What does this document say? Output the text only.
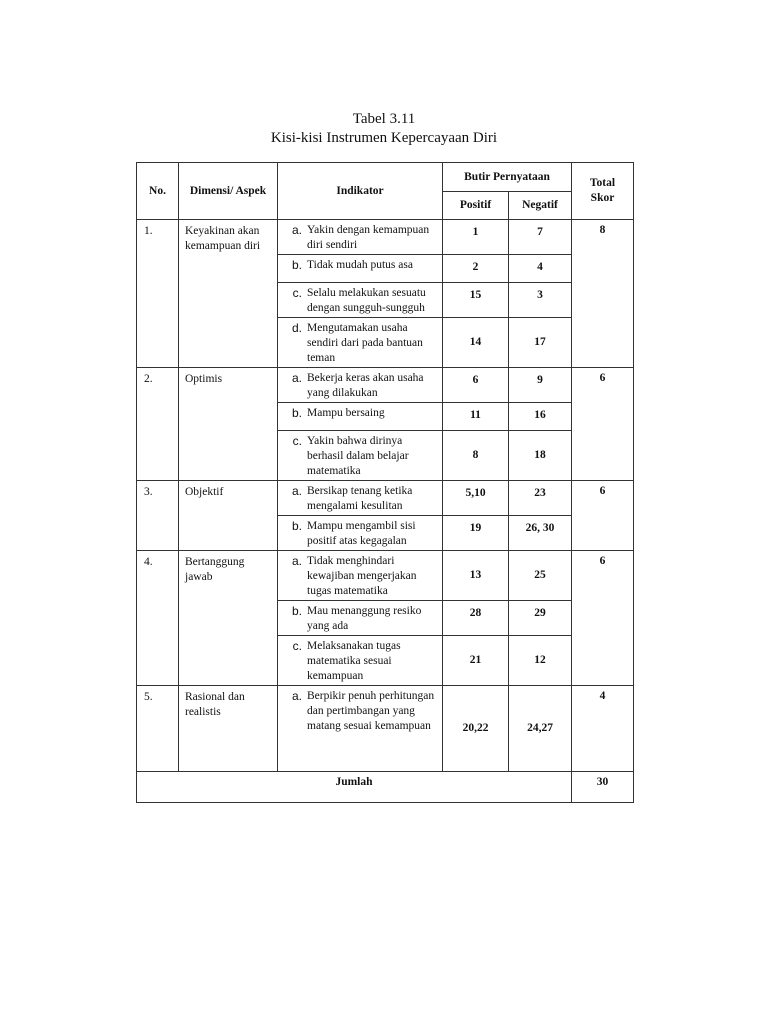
Tabel 3.11
Kisi-kisi Instrumen Kepercayaan Diri
No.	Dimensi/ Aspek	Indikator	Butir Pernyataan		Total Skor
			Positif	Negatif	
1.	Keyakinan akan kemampuan diri	a. Yakin dengan kemampuan diri sendiri	1	7	8

		b. Tidak mudah putus asa	2	4	

		c. Selalu melakukan sesuatu dengan sungguh-sungguh	15	3	

		d. Mengutamakan usaha sendiri dari pada bantuan teman	14	17	
2.	Optimis	a. Bekerja keras akan usaha yang dilakukan	6	9	6

		b. Mampu bersaing	11	16	

		c. Yakin bahwa dirinya berhasil dalam belajar matematika	8	18	
3.	Objektif	a. Bersikap tenang ketika mengalami kesulitan	5,10	23	6

		b. Mampu mengambil sisi positif atas kegagalan	19	26, 30	
4.	Bertanggung jawab	a. Tidak menghindari kewajiban mengerjakan tugas matematika	13	25	6

		b. Mau menanggung resiko yang ada	28	29	

		c. Melaksanakan tugas matematika sesuai kemampuan	21	12	
5.	Rasional dan realistis	a. Berpikir penuh perhitungan dan pertimbangan yang matang sesuai kemampuan	20,22	24,27	4
Jumlah					30
